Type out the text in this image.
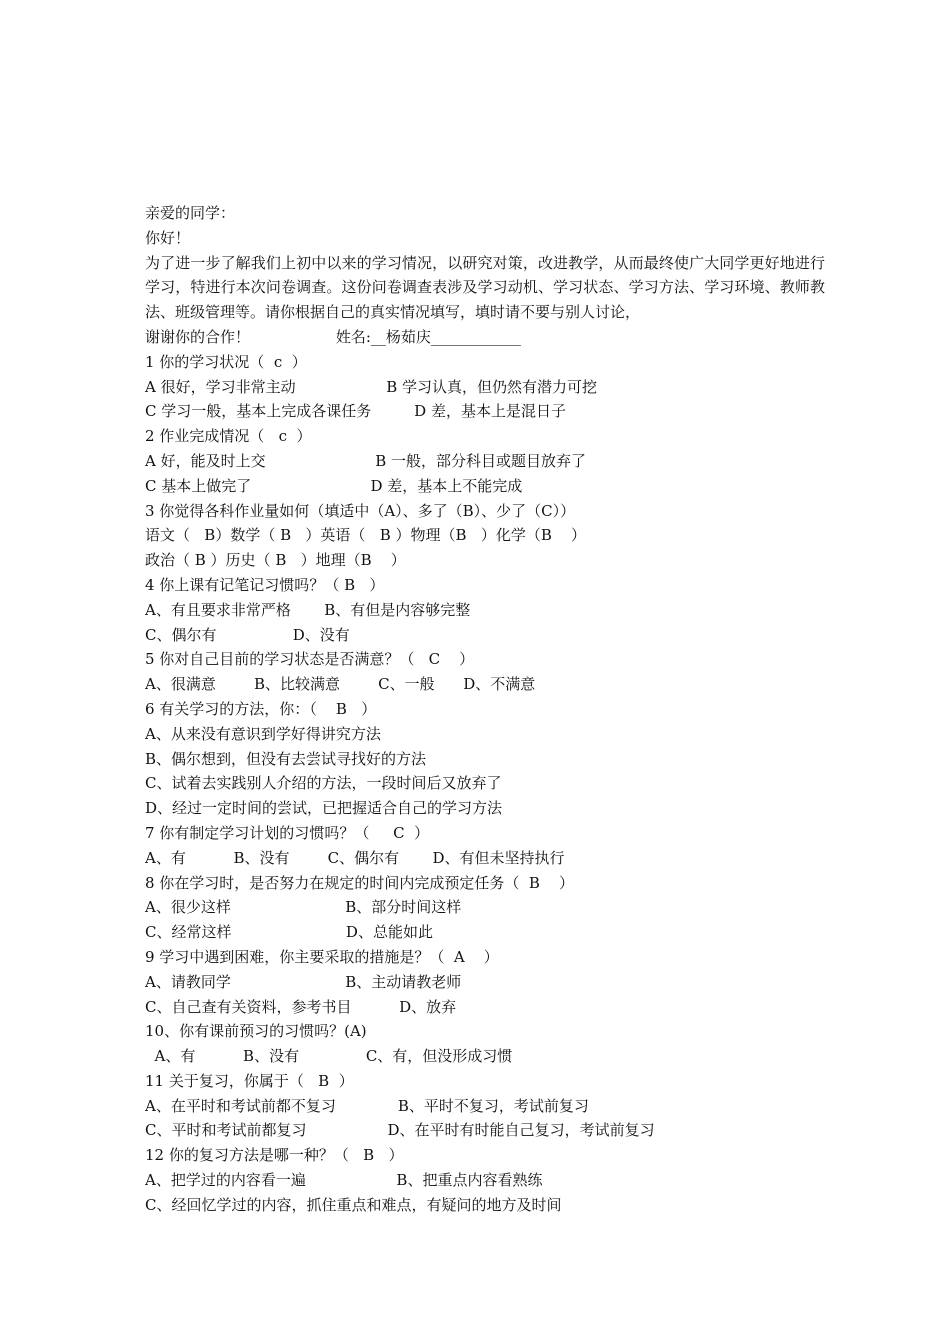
亲爱的同学：
你好！
为了进一步了解我们上初中以来的学习情况，以研究对策，改进教学，从而最终使广大同学更好地进行学习，特进行本次问卷调查。这份问卷调查表涉及学习动机、学习状态、学习方法、学习环境、教师教法、班级管理等。请你根据自己的真实情况填写，填时请不要与别人讨论，
谢谢你的合作！                  姓名:__杨茹庆____________
1 你的学习状况（  c  ）
A 很好，学习非常主动                   B 学习认真，但仍然有潜力可挖
C 学习一般，基本上完成各课任务         D 差，基本上是混日子
2 作业完成情况（   c  ）
A 好，能及时上交                       B 一般，部分科目或题目放弃了
C 基本上做完了                         D 差，基本上不能完成
3 你觉得各科作业量如何（填适中（A）、多了（B）、少了（C））
语文（   B）数学（ B   ）英语（   B ）物理（B   ）化学（B    ）
政治（ B ）历史（ B   ）地理（B    ）
4 你上课有记笔记习惯吗？（ B   ）
A、有且要求非常严格       B、有但是内容够完整
C、偶尔有                D、没有
5 你对自己目前的学习状态是否满意？（   C    ）
A、很满意        B、比较满意        C、一般      D、不满意
6 有关学习的方法，你：（    B   ）
A、从来没有意识到学好得讲究方法
B、偶尔想到，但没有去尝试寻找好的方法
C、试着去实践别人介绍的方法，一段时间后又放弃了
D、经过一定时间的尝试，已把握适合自己的学习方法
7 你有制定学习计划的习惯吗？（     C  ）
A、有          B、没有        C、偶尔有       D、有但未坚持执行
8 你在学习时，是否努力在规定的时间内完成预定任务（  B    ）
A、很少这样                        B、部分时间这样
C、经常这样                        D、总能如此
9 学习中遇到困难，你主要采取的措施是？（  A    ）
A、请教同学                        B、主动请教老师
C、自己查有关资料，参考书目          D、放弃
10、你有课前预习的习惯吗？(A)
A、有          B、没有              C、有，但没形成习惯
11 关于复习，你属于（   B  ）
A、在平时和考试前都不复习             B、平时不复习，考试前复习
C、平时和考试前都复习                 D、在平时有时能自己复习，考试前复习
12 你的复习方法是哪一种？（   B   ）
A、把学过的内容看一遍                   B、把重点内容看熟练
C、经回忆学过的内容，抓住重点和难点，有疑问的地方及时间
